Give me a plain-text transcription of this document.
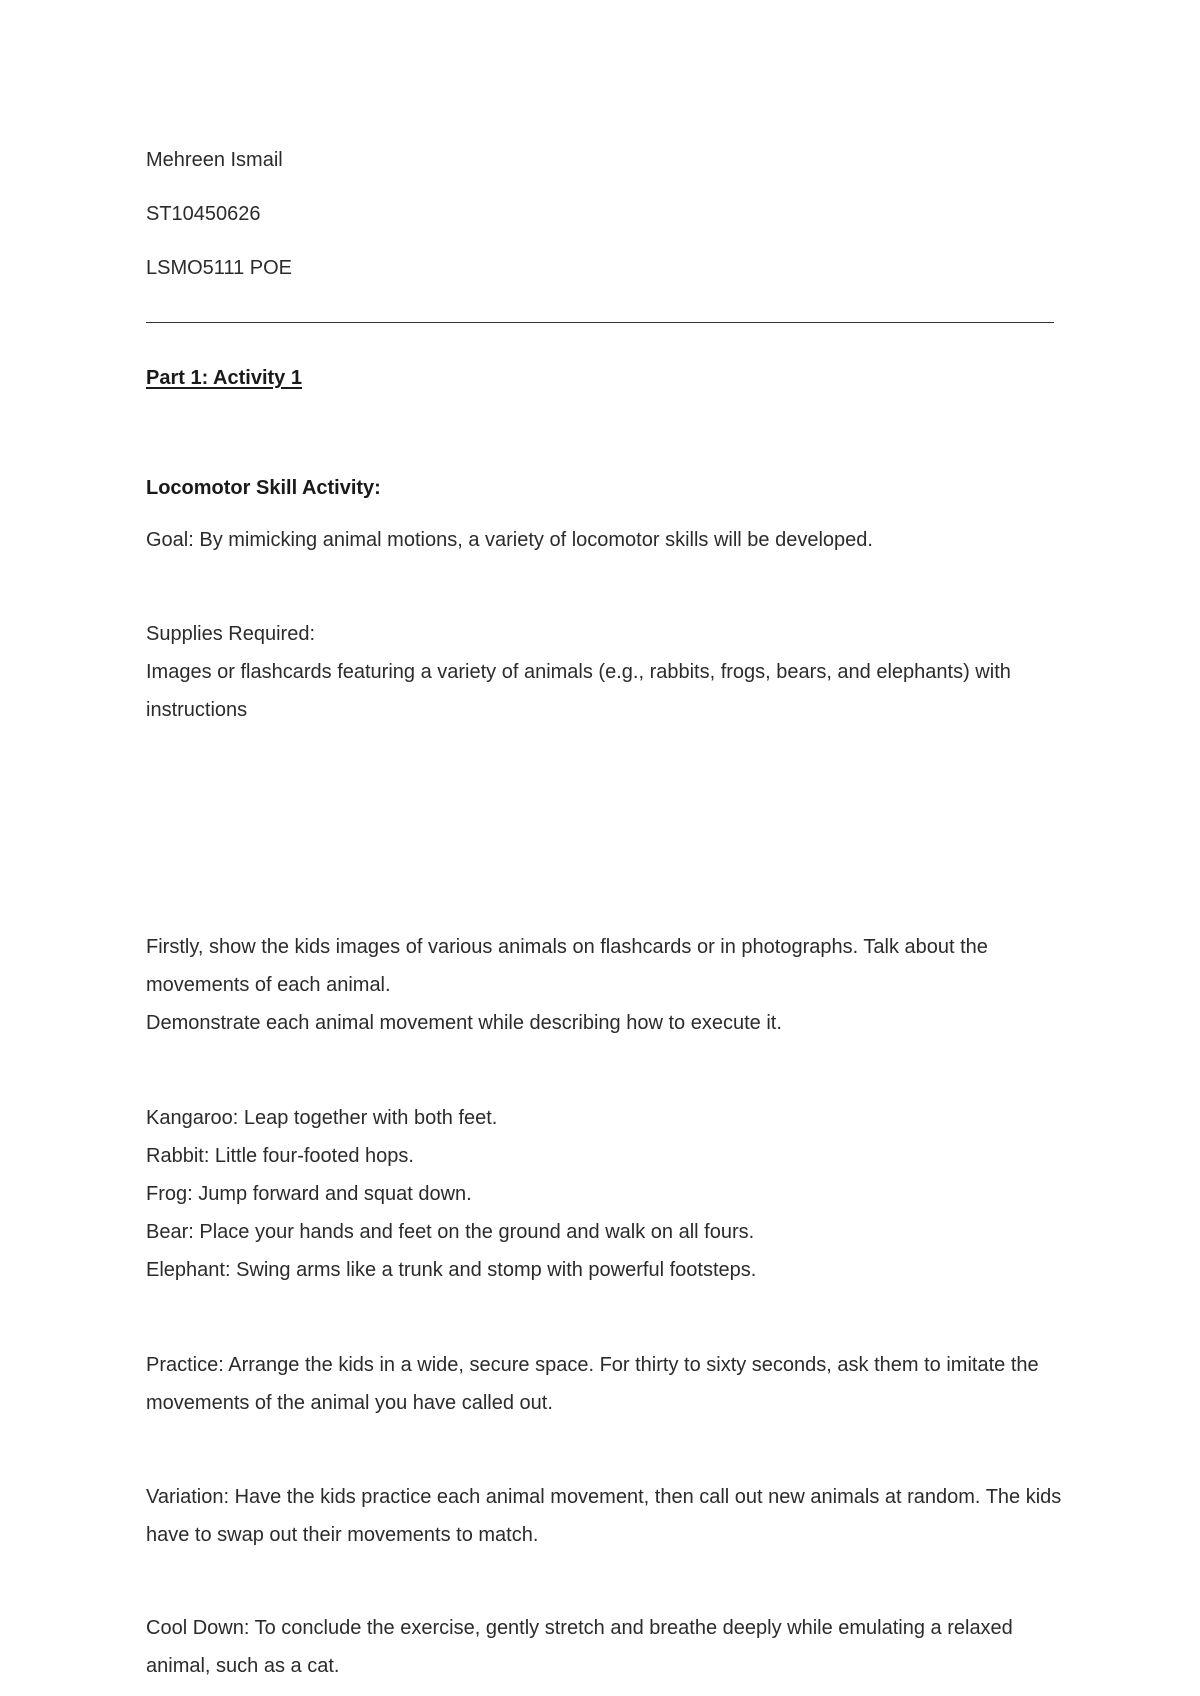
Mehreen Ismail
ST10450626
LSMO5111 POE
Part 1: Activity 1
Locomotor Skill Activity:
Goal: By mimicking animal motions, a variety of locomotor skills will be developed.
Supplies Required:
Images or flashcards featuring a variety of animals (e.g., rabbits, frogs, bears, and elephants) with instructions
Firstly, show the kids images of various animals on flashcards or in photographs. Talk about the movements of each animal.
Demonstrate each animal movement while describing how to execute it.
Kangaroo: Leap together with both feet.
Rabbit: Little four-footed hops.
Frog: Jump forward and squat down.
Bear: Place your hands and feet on the ground and walk on all fours.
Elephant: Swing arms like a trunk and stomp with powerful footsteps.
Practice: Arrange the kids in a wide, secure space. For thirty to sixty seconds, ask them to imitate the movements of the animal you have called out.
Variation: Have the kids practice each animal movement, then call out new animals at random. The kids have to swap out their movements to match.
Cool Down: To conclude the exercise, gently stretch and breathe deeply while emulating a relaxed animal, such as a cat.
